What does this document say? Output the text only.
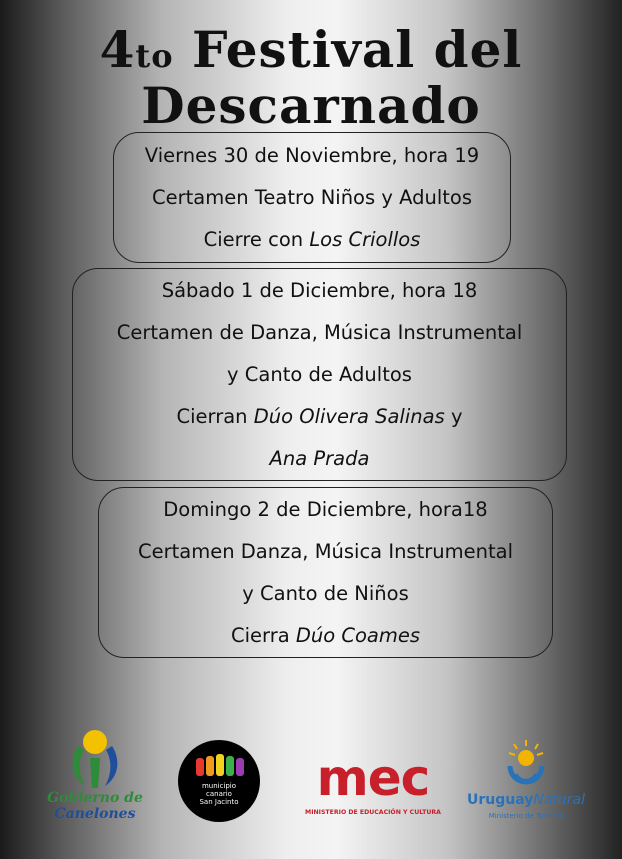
4to Festival del
Descarnado
Viernes 30 de Noviembre, hora 19
Certamen Teatro Niños y Adultos
Cierre con Los Criollos
Sábado 1 de Diciembre, hora 18
Certamen de Danza, Música Instrumental
y Canto de Adultos
Cierran Dúo Olivera Salinas y
Ana Prada
Domingo 2 de Diciembre, hora18
Certamen Danza, Música Instrumental
y Canto de Niños
Cierra Dúo Coames
Gobierno de
Canelones
municipio
canario
San Jacinto	mec
MINISTERIO DE EDUCACIÓN Y CULTURA
UruguayNatural
Ministerio de Turismo
